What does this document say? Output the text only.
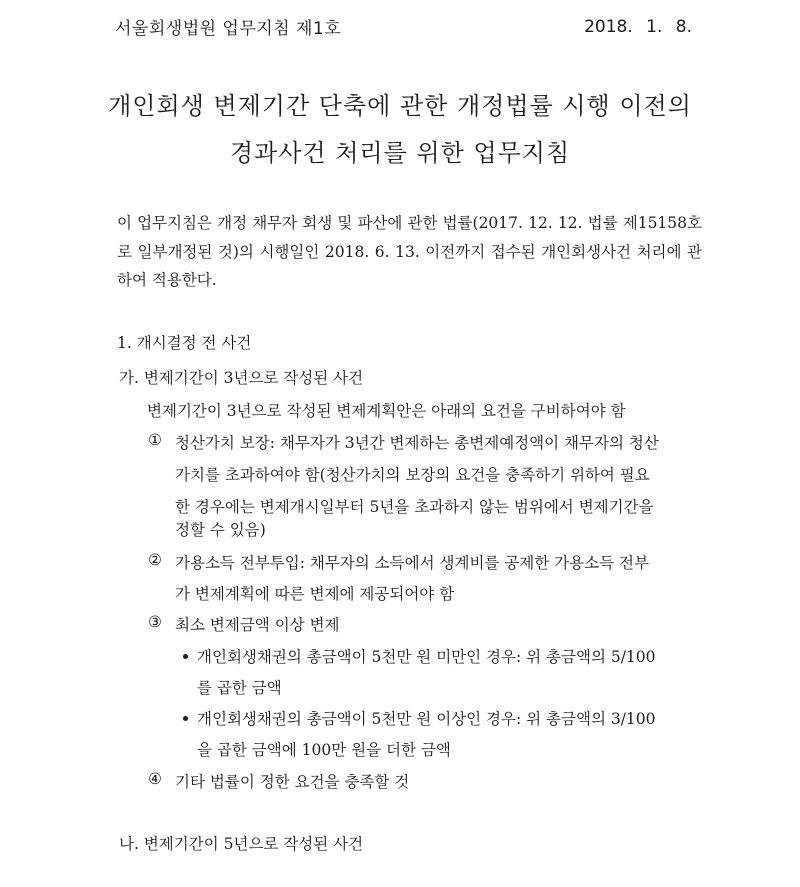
서울회생법원 업무지침 제1호	2018. 1. 8.
개인회생 변제기간 단축에 관한 개정법률 시행 이전의
경과사건 처리를 위한 업무지침
이 업무지침은 개정 채무자 회생 및 파산에 관한 법률(2017. 12. 12. 법률 제15158호로 일부개정된 것)의 시행일인 2018. 6. 13. 이전까지 접수된 개인회생사건 처리에 관하여 적용한다.
1. 개시결정 전 사건
가. 변제기간이 3년으로 작성된 사건
변제기간이 3년으로 작성된 변제계획안은 아래의 요건을 구비하여야 함
① 청산가치 보장: 채무자가 3년간 변제하는 총변제예정액이 채무자의 청산
가치를 초과하여야 함(청산가치의 보장의 요건을 충족하기 위하여 필요
한 경우에는 변제개시일부터 5년을 초과하지 않는 범위에서 변제기간을
정할 수 있음)
② 가용소득 전부투입: 채무자의 소득에서 생계비를 공제한 가용소득 전부
가 변제계획에 따른 변제에 제공되어야 함
③ 최소 변제금액 이상 변제
개인회생채권의 총금액이 5천만 원 미만인 경우: 위 총금액의 5/100
를 곱한 금액
개인회생채권의 총금액이 5천만 원 이상인 경우: 위 총금액의 3/100
을 곱한 금액에 100만 원을 더한 금액
④ 기타 법률이 정한 요건을 충족할 것
나. 변제기간이 5년으로 작성된 사건
